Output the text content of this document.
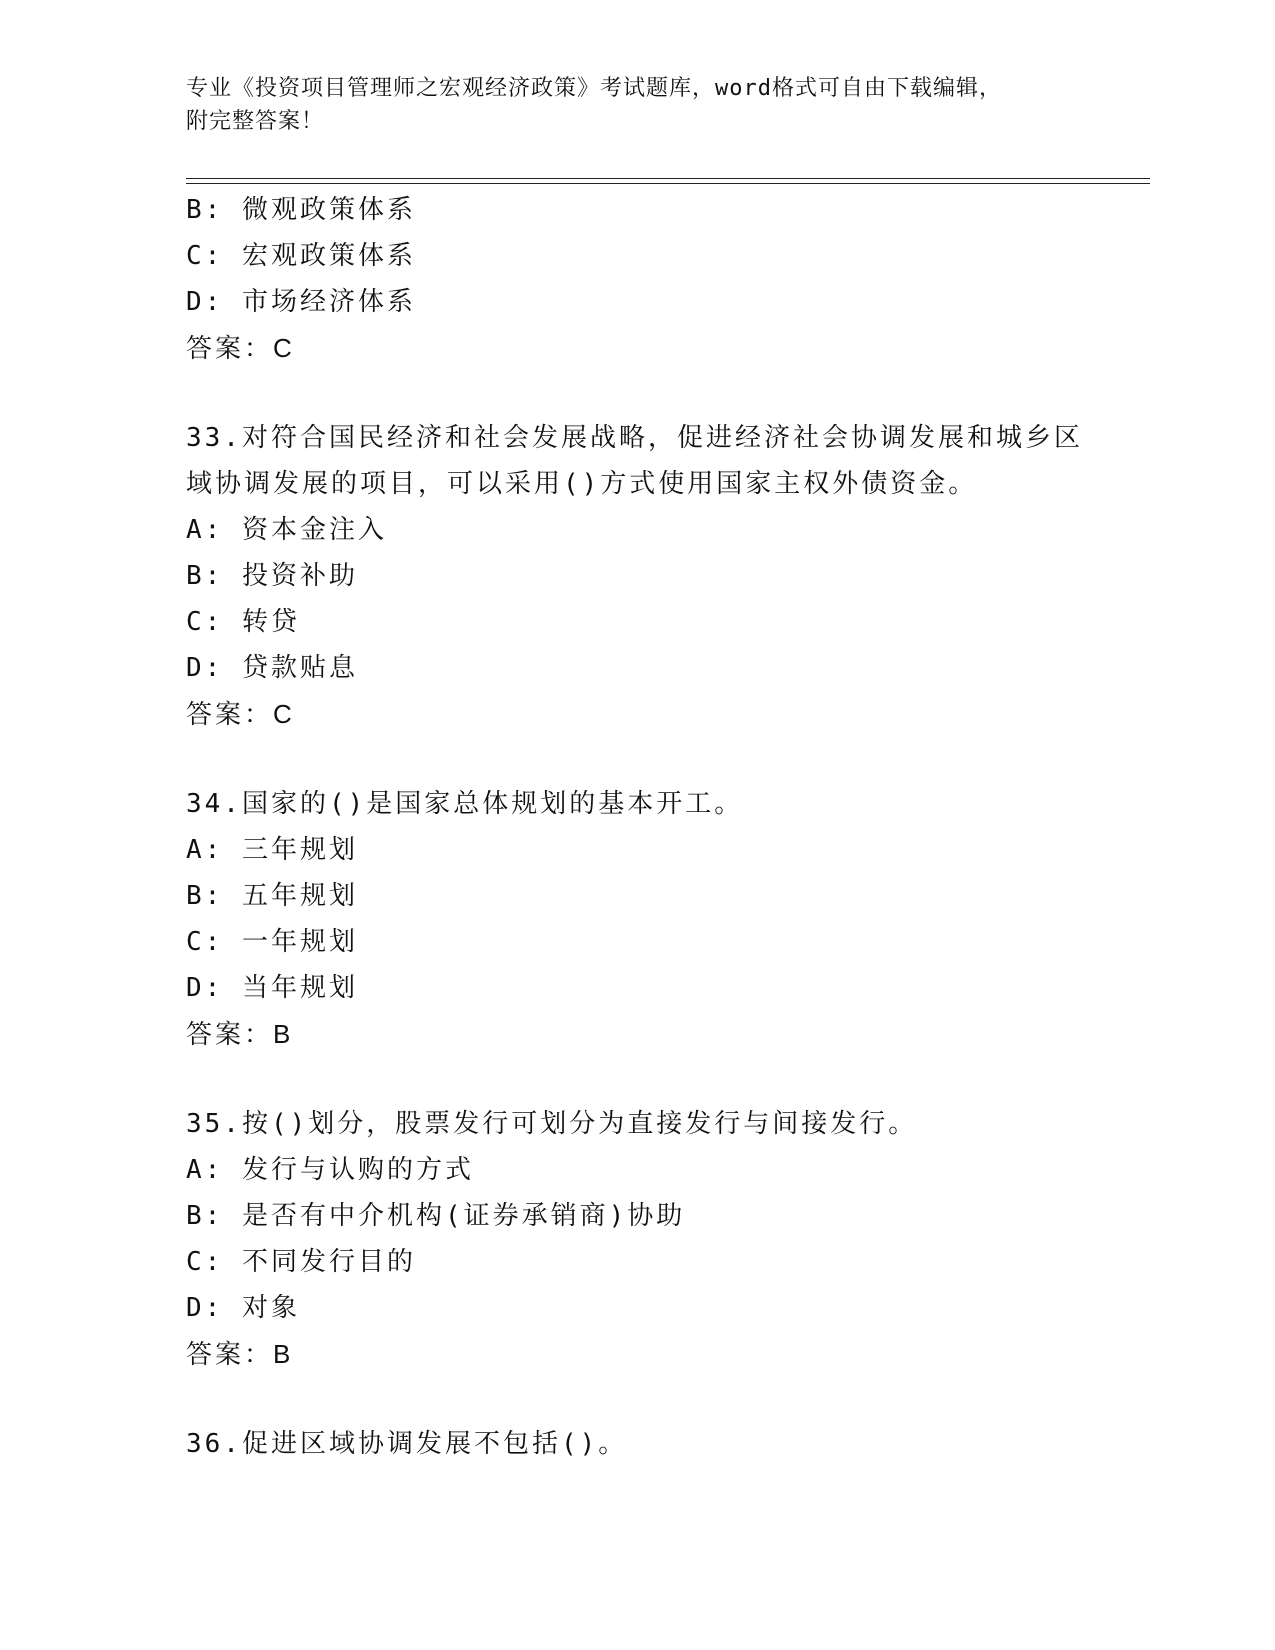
专业《投资项目管理师之宏观经济政策》考试题库，word格式可自由下载编辑，
附完整答案！
B: 微观政策体系
C: 宏观政策体系
D: 市场经济体系
答案：C
33.对符合国民经济和社会发展战略，促进经济社会协调发展和城乡区
域协调发展的项目，可以采用()方式使用国家主权外债资金。
A: 资本金注入
B: 投资补助
C: 转贷
D: 贷款贴息
答案：C
34.国家的()是国家总体规划的基本开工。
A: 三年规划
B: 五年规划
C: 一年规划
D: 当年规划
答案：B
35.按()划分，股票发行可划分为直接发行与间接发行。
A: 发行与认购的方式
B: 是否有中介机构(证券承销商)协助
C: 不同发行目的
D: 对象
答案：B
36.促进区域协调发展不包括()。
